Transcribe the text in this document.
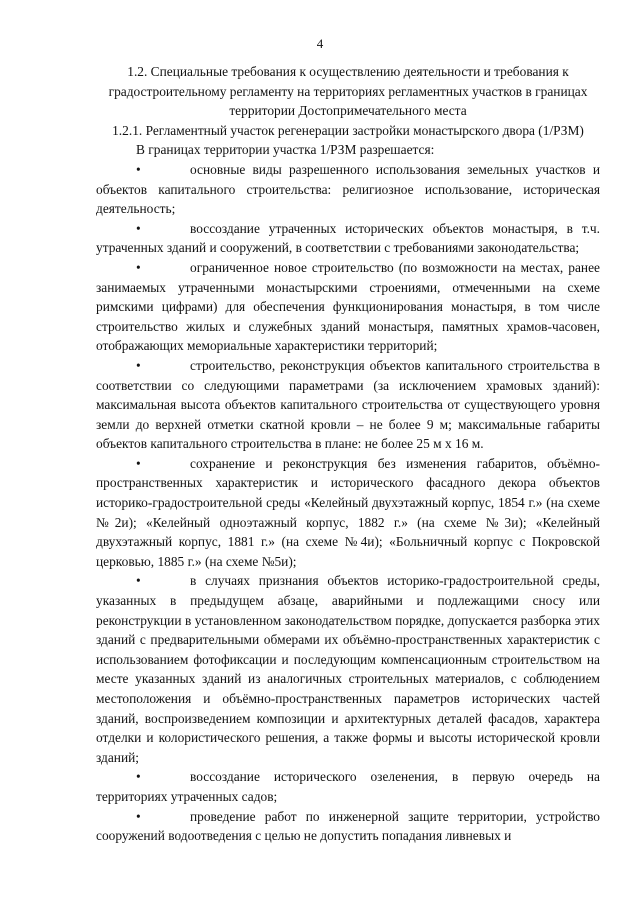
4

1.2. Специальные требования к осуществлению деятельности и требования к градостроительному регламенту на территориях регламентных участков в границах территории Достопримечательного места

1.2.1. Регламентный участок регенерации застройки монастырского двора (1/РЗМ)

В границах территории участка 1/РЗМ разрешается:

•	основные виды разрешенного использования земельных участков и объектов капитального строительства: религиозное использование, историческая деятельность;
•	воссоздание утраченных исторических объектов монастыря, в т.ч. утраченных зданий и сооружений, в соответствии с требованиями законодательства;
•	ограниченное новое строительство (по возможности на местах, ранее занимаемых утраченными монастырскими строениями, отмеченными на схеме римскими цифрами) для обеспечения функционирования монастыря, в том числе строительство жилых и служебных зданий монастыря, памятных храмов-часовен, отображающих мемориальные характеристики территорий;
•	строительство, реконструкция объектов капитального строительства в соответствии со следующими параметрами (за исключением храмовых зданий): максимальная высота объектов капитального строительства от существующего уровня земли до верхней отметки скатной кровли – не более 9 м; максимальные габариты объектов капитального строительства в плане: не более 25 м х 16 м.
•	сохранение и реконструкция без изменения габаритов, объёмно-пространственных характеристик и исторического фасадного декора объектов историко-градостроительной среды «Келейный двухэтажный корпус, 1854 г.» (на схеме №2и); «Келейный одноэтажный корпус, 1882 г.» (на схеме №3и); «Келейный двухэтажный корпус, 1881 г.» (на схеме №4и); «Больничный корпус с Покровской церковью, 1885 г.» (на схеме №5и);
•	в случаях признания объектов историко-градостроительной среды, указанных в предыдущем абзаце, аварийными и подлежащими сносу или реконструкции в установленном законодательством порядке, допускается разборка этих зданий с предварительными обмерами их объёмно-пространственных характеристик с использованием фотофиксации и последующим компенсационным строительством на месте указанных зданий из аналогичных строительных материалов, с соблюдением местоположения и объёмно-пространственных параметров исторических частей зданий, воспроизведением композиции и архитектурных деталей фасадов, характера отделки и колористического решения, а также формы и высоты исторической кровли зданий;
•	воссоздание исторического озеленения, в первую очередь на территориях утраченных садов;
•	проведение работ по инженерной защите территории, устройство сооружений водоотведения с целью не допустить попадания ливневых и
